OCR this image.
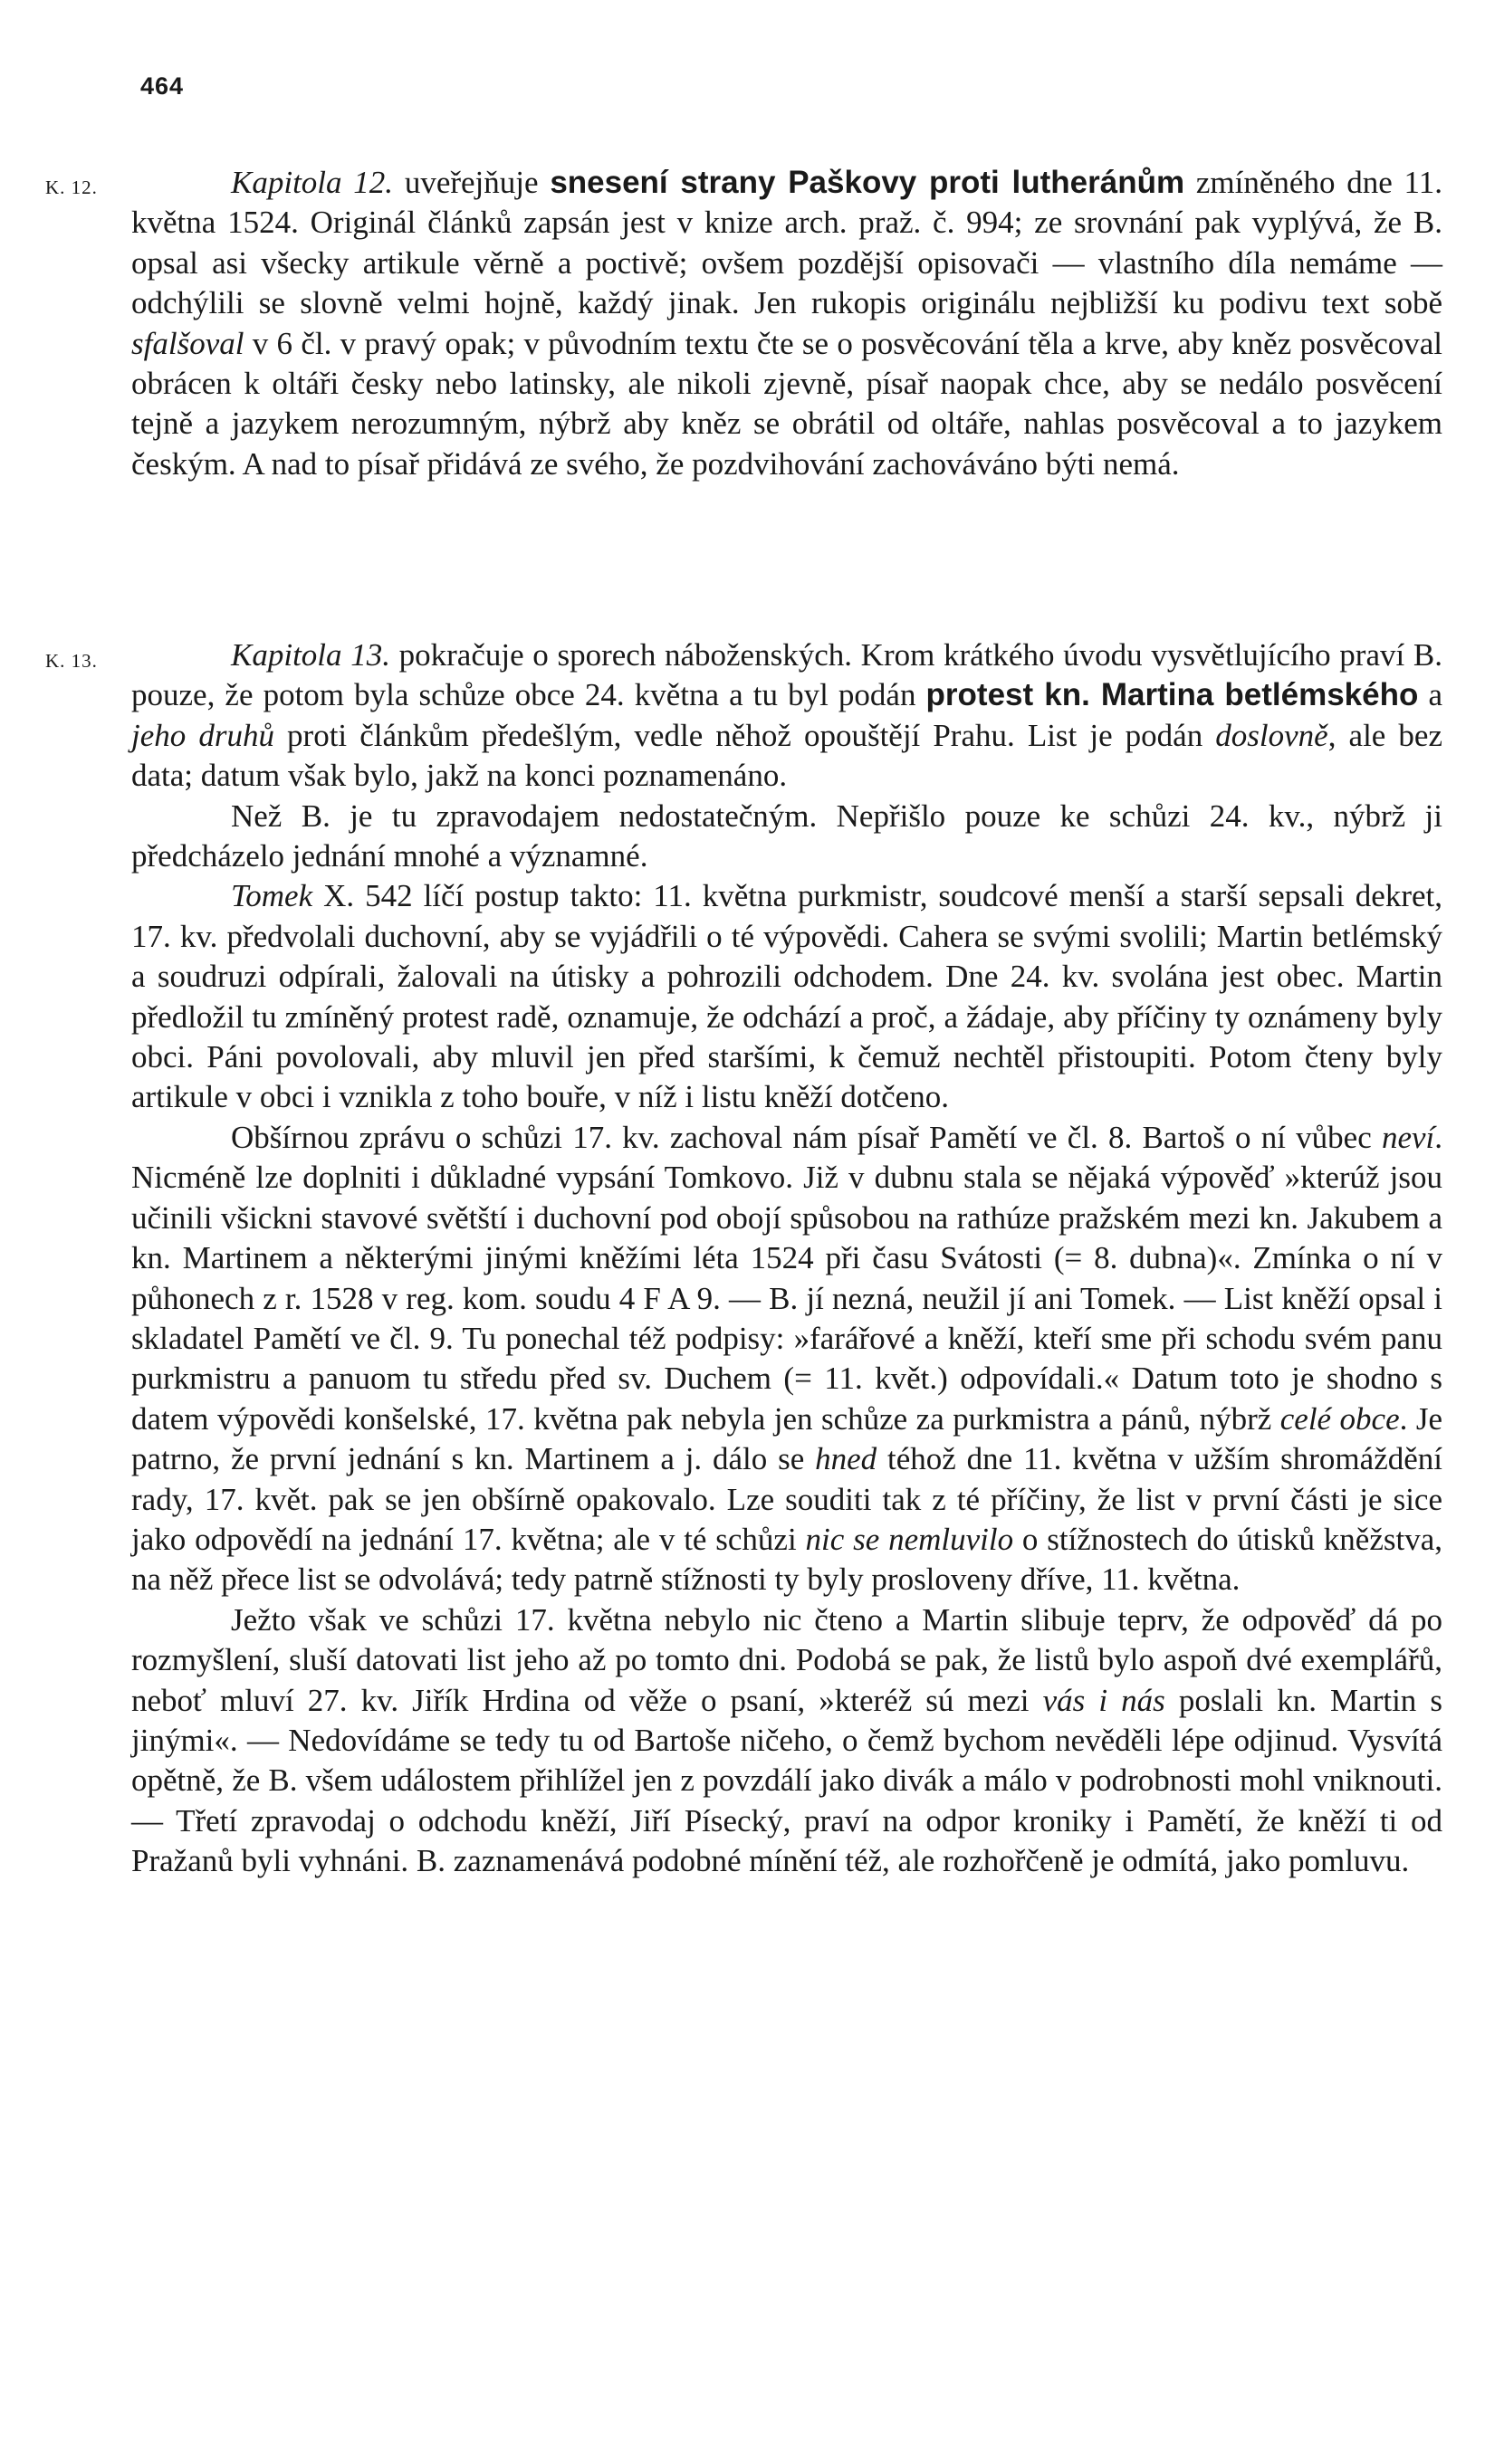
464
K. 12.
K. 13.

Kapitola 12. uveřejňuje snesení strany Paškovy proti lutheránům zmíněného dne 11. května 1524. Originál článků zapsán jest v knize arch. praž. č. 994; ze srovnání pak vyplývá, že B. opsal asi všecky artikule věrně a poctivě; ovšem pozdější opisovači — vlastního díla nemáme — odchýlili se slovně velmi hojně, každý jinak. Jen rukopis originálu nejbližší ku podivu text sobě sfalšoval v 6 čl. v pravý opak; v původním textu čte se o posvěcování těla a krve, aby kněz posvěcoval obrácen k oltáři česky nebo latinsky, ale nikoli zjevně, písař naopak chce, aby se nedálo posvěcení tejně a jazykem nerozumným, nýbrž aby kněz se obrátil od oltáře, nahlas posvěcoval a to jazykem českým. A nad to písař přidává ze svého, že pozdvihování zachováváno býti nemá.

Kapitola 13. pokračuje o sporech náboženských. Krom krátkého úvodu vysvětlujícího praví B. pouze, že potom byla schůze obce 24. května a tu byl podán protest kn. Martina betlémského a jeho druhů proti článkům předešlým, vedle něhož opouštějí Prahu. List je podán doslovně, ale bez data; datum však bylo, jakž na konci poznamenáno.

Než B. je tu zpravodajem nedostatečným. Nepřišlo pouze ke schůzi 24. kv., nýbrž ji předcházelo jednání mnohé a významné.

Tomek X. 542 líčí postup takto: 11. května purkmistr, soudcové menší a starší sepsali dekret, 17. kv. předvolali duchovní, aby se vyjádřili o té výpovědi. Cahera se svými svolili; Martin betlémský a soudruzi odpírali, žalovali na útisky a pohrozili odchodem. Dne 24. kv. svolána jest obec. Martin předložil tu zmíněný protest radě, oznamuje, že odchází a proč, a žádaje, aby příčiny ty oznámeny byly obci. Páni povolovali, aby mluvil jen před staršími, k čemuž nechtěl přistoupiti. Potom čteny byly artikule v obci i vznikla z toho bouře, v níž i listu kněží dotčeno.

Obšírnou zprávu o schůzi 17. kv. zachoval nám písař Pamětí ve čl. 8. Bartoš o ní vůbec neví. Nicméně lze doplniti i důkladné vypsání Tomkovo. Již v dubnu stala se nějaká výpověď »kterúž jsou učinili všickni stavové světští i duchovní pod obojí spůsobou na rathúze pražském mezi kn. Jakubem a kn. Martinem a některými jinými kněžími léta 1524 při času Svátosti (= 8. dubna)«. Zmínka o ní v půhonech z r. 1528 v reg. kom. soudu 4 F A 9. — B. jí nezná, neužil jí ani Tomek. — List kněží opsal i skladatel Pamětí ve čl. 9. Tu ponechal též podpisy: »farářové a kněží, kteří sme při schodu svém panu purkmistru a panuom tu středu před sv. Duchem (= 11. květ.) odpovídali.« Datum toto je shodno s datem výpovědi konšelské, 17. května pak nebyla jen schůze za purkmistra a pánů, nýbrž celé obce. Je patrno, že první jednání s kn. Martinem a j. dálo se hned téhož dne 11. května v užším shromáždění rady, 17. květ. pak se jen obšírně opakovalo. Lze souditi tak z té příčiny, že list v první části je sice jako odpovědí na jednání 17. května; ale v té schůzi nic se nemluvilo o stížnostech do útisků kněžstva, na něž přece list se odvolává; tedy patrně stížnosti ty byly prosloveny dříve, 11. května.

Ježto však ve schůzi 17. května nebylo nic čteno a Martin slibuje teprv, že odpověď dá po rozmyšlení, sluší datovati list jeho až po tomto dni. Podobá se pak, že listů bylo aspoň dvé exemplářů, neboť mluví 27. kv. Jiřík Hrdina od věže o psaní, »kteréž sú mezi vás i nás poslali kn. Martin s jinými«. — Nedovídáme se tedy tu od Bartoše ničeho, o čemž bychom nevěděli lépe odjinud. Vysvítá opětně, že B. všem událostem přihlížel jen z povzdálí jako divák a málo v podrobnosti mohl vniknouti. — Třetí zpravodaj o odchodu kněží, Jiří Písecký, praví na odpor kroniky i Pamětí, že kněží ti od Pražanů byli vyhnáni. B. zaznamenává podobné mínění též, ale rozhořčeně je odmítá, jako pomluvu.
